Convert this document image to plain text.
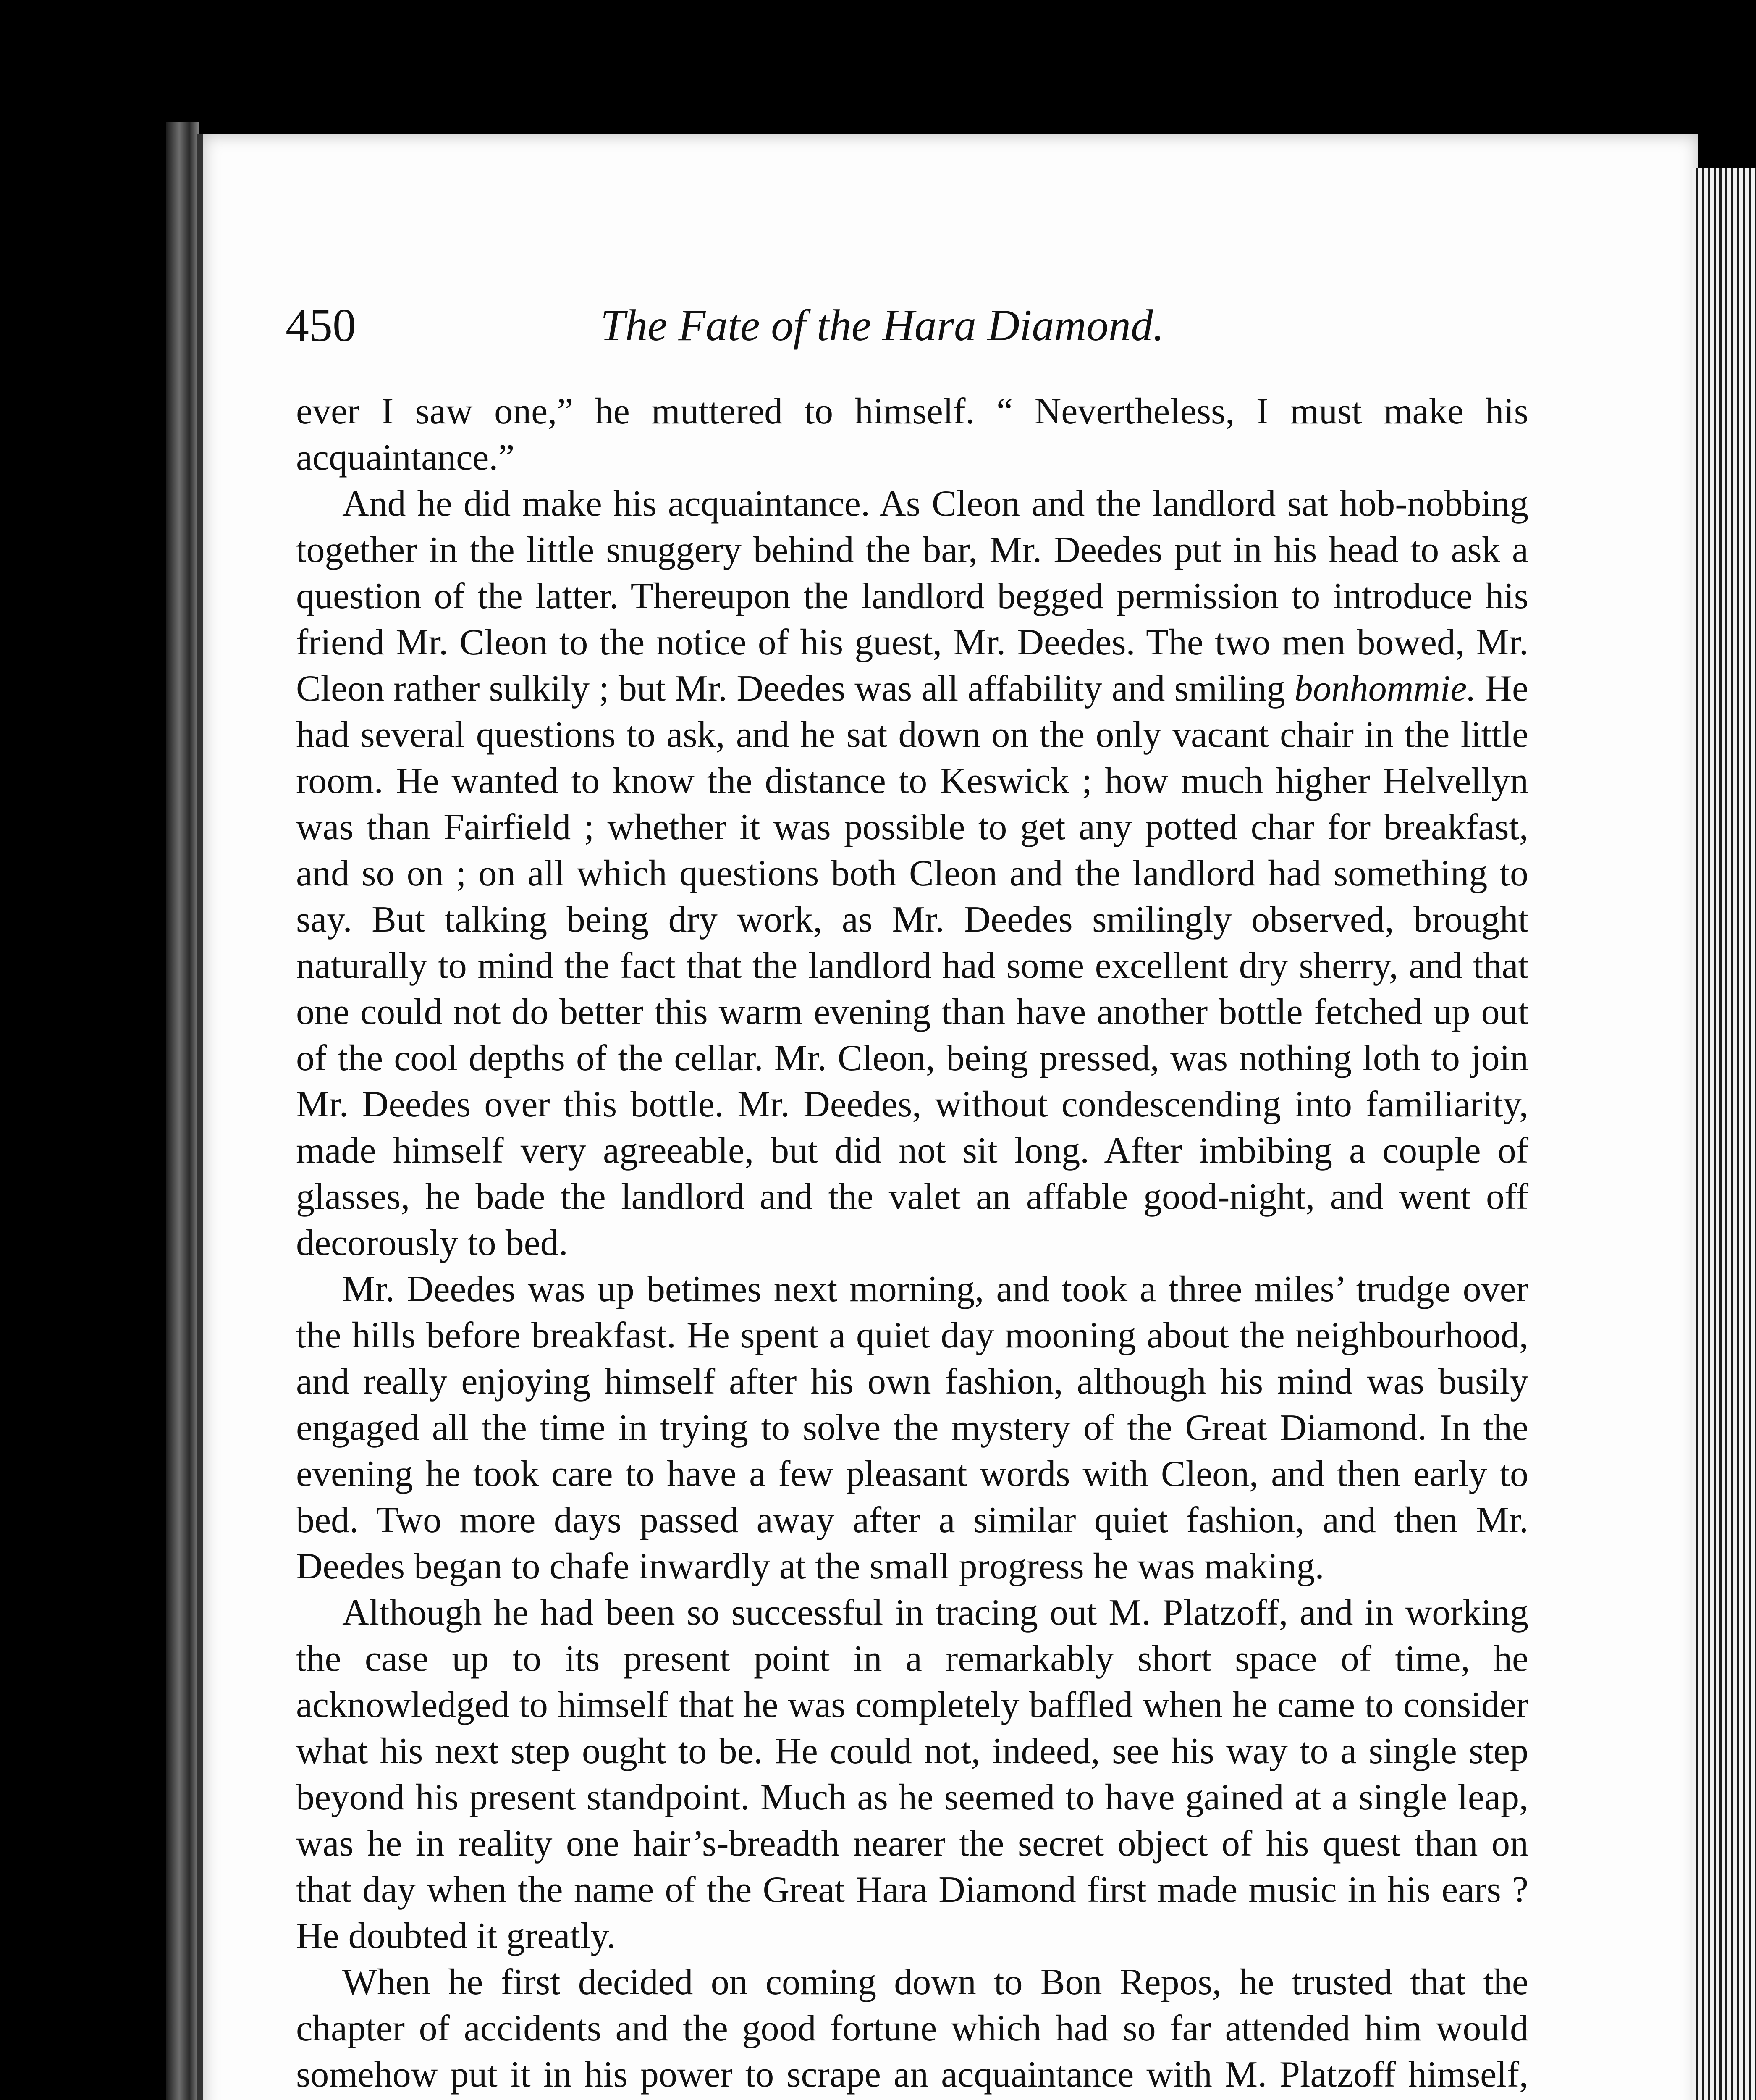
450	The Fate of the Hara Diamond.

ever I saw one,” he muttered to himself. “ Nevertheless, I must make his acquaintance.”

And he did make his acquaintance. As Cleon and the landlord sat hob-nobbing together in the little snuggery behind the bar, Mr. Deedes put in his head to ask a question of the latter. Thereupon the landlord begged permission to introduce his friend Mr. Cleon to the notice of his guest, Mr. Deedes. The two men bowed, Mr. Cleon rather sulkily ; but Mr. Deedes was all affability and smiling bonhommie. He had several questions to ask, and he sat down on the only vacant chair in the little room. He wanted to know the distance to Keswick ; how much higher Helvellyn was than Fairfield ; whether it was possible to get any potted char for breakfast, and so on ; on all which questions both Cleon and the landlord had something to say. But talking being dry work, as Mr. Deedes smilingly observed, brought naturally to mind the fact that the landlord had some excellent dry sherry, and that one could not do better this warm evening than have another bottle fetched up out of the cool depths of the cellar. Mr. Cleon, being pressed, was nothing loth to join Mr. Deedes over this bottle. Mr. Deedes, without condescending into familiarity, made himself very agreeable, but did not sit long. After imbibing a couple of glasses, he bade the landlord and the valet an affable good-night, and went off decorously to bed.

Mr. Deedes was up betimes next morning, and took a three miles’ trudge over the hills before breakfast. He spent a quiet day mooning about the neighbourhood, and really enjoying himself after his own fashion, although his mind was busily engaged all the time in trying to solve the mystery of the Great Diamond. In the evening he took care to have a few pleasant words with Cleon, and then early to bed. Two more days passed away after a similar quiet fashion, and then Mr. Deedes began to chafe inwardly at the small progress he was making.

Although he had been so successful in tracing out M. Platzoff, and in working the case up to its present point in a remarkably short space of time, he acknowledged to himself that he was completely baffled when he came to consider what his next step ought to be. He could not, indeed, see his way to a single step beyond his present standpoint. Much as he seemed to have gained at a single leap, was he in reality one hair’s-breadth nearer the secret object of his quest than on that day when the name of the Great Hara Diamond first made music in his ears ? He doubted it greatly.

When he first decided on coming down to Bon Repos, he trusted that the chapter of accidents and the good fortune which had so far attended him would somehow put it in his power to scrape an acquaintance with M. Platzoff himself,
